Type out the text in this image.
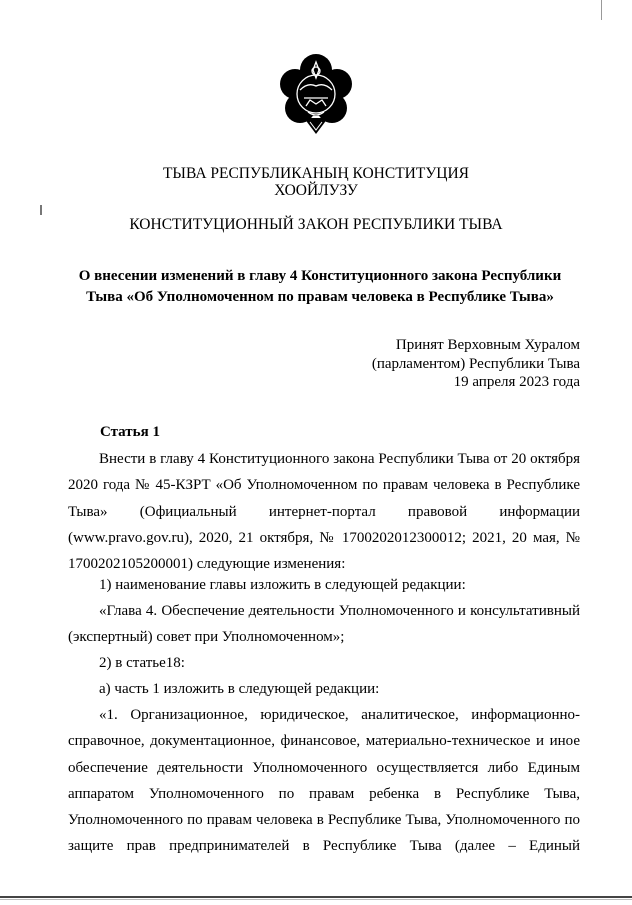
ТЫВА РЕСПУБЛИКАНЫҢ КОНСТИТУЦИЯ
ХООЙЛУЗУ
КОНСТИТУЦИОННЫЙ ЗАКОН РЕСПУБЛИКИ ТЫВА
О внесении изменений в главу 4 Конституционного закона Республики
Тыва «Об Уполномоченном по правам человека в Республике Тыва»
Принят Верховным Хуралом
(парламентом) Республики Тыва
19 апреля 2023 года
Статья 1

Внести в главу 4 Конституционного закона Республики Тыва от 20 октября 2020 года № 45-КЗРТ «Об Уполномоченном по правам человека в Республике Тыва» (Официальный интернет-портал правовой информации (www.pravo.gov.ru), 2020, 21 октября, № 1700202012300012; 2021, 20 мая, № 1700202105200001) следующие изменения:

1) наименование главы изложить в следующей редакции:

«Глава 4. Обеспечение деятельности Уполномоченного и консультативный (экспертный) совет при Уполномоченном»;

2) в статье18:

а) часть 1 изложить в следующей редакции:

«1. Организационное, юридическое, аналитическое, информационно-справочное, документационное, финансовое, материально-техническое и иное обеспечение деятельности Уполномоченного осуществляется либо Единым аппаратом Уполномоченного по правам ребенка в Республике Тыва, Уполномоченного по правам человека в Республике Тыва, Уполномоченного по защите прав предпринимателей в Республике Тыва (далее – Единый
